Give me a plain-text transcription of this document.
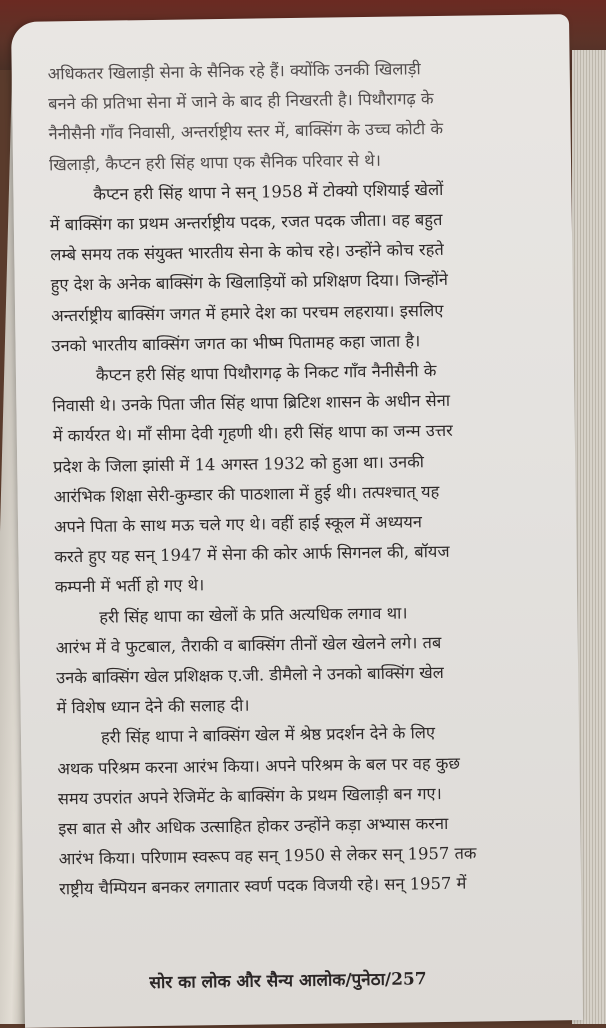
अधिकतर खिलाड़ी सेना के सैनिक रहे हैं। क्योंकि उनकी खिलाड़ी
बनने की प्रतिभा सेना में जाने के बाद ही निखरती है। पिथौरागढ़ के
नैनीसैनी गाँव निवासी, अन्तर्राष्ट्रीय स्तर में, बाक्सिंग के उच्च कोटी के
खिलाड़ी, कैप्टन हरी सिंह थापा एक सैनिक परिवार से थे।
कैप्टन हरी सिंह थापा ने सन् 1958 में टोक्यो एशियाई खेलों
में बाक्सिंग का प्रथम अन्तर्राष्ट्रीय पदक, रजत पदक जीता। वह बहुत
लम्बे समय तक संयुक्त भारतीय सेना के कोच रहे। उन्होंने कोच रहते
हुए देश के अनेक बाक्सिंग के खिलाड़ियों को प्रशिक्षण दिया। जिन्होंने
अन्तर्राष्ट्रीय बाक्सिंग जगत में हमारे देश का परचम लहराया। इसलिए
उनको भारतीय बाक्सिंग जगत का भीष्म पितामह कहा जाता है।
कैप्टन हरी सिंह थापा पिथौरागढ़ के निकट गाँव नैनीसैनी के
निवासी थे। उनके पिता जीत सिंह थापा ब्रिटिश शासन के अधीन सेना
में कार्यरत थे। माँ सीमा देवी गृहणी थी। हरी सिंह थापा का जन्म उत्तर
प्रदेश के जिला झांसी में 14 अगस्त 1932 को हुआ था। उनकी
आरंभिक शिक्षा सेरी-कुम्डार की पाठशाला में हुई थी। तत्पश्चात् यह
अपने पिता के साथ मऊ चले गए थे। वहीं हाई स्कूल में अध्ययन
करते हुए यह सन् 1947 में सेना की कोर आर्फ सिगनल की, बॉयज
कम्पनी में भर्ती हो गए थे।
हरी सिंह थापा का खेलों के प्रति अत्यधिक लगाव था।
आरंभ में वे फुटबाल, तैराकी व बाक्सिंग तीनों खेल खेलने लगे। तब
उनके बाक्सिंग खेल प्रशिक्षक ए.जी. डीमैलो ने उनको बाक्सिंग खेल
में विशेष ध्यान देने की सलाह दी।
हरी सिंह थापा ने बाक्सिंग खेल में श्रेष्ठ प्रदर्शन देने के लिए
अथक परिश्रम करना आरंभ किया। अपने परिश्रम के बल पर वह कुछ
समय उपरांत अपने रेजिमेंट के बाक्सिंग के प्रथम खिलाड़ी बन गए।
इस बात से और अधिक उत्साहित होकर उन्होंने कड़ा अभ्यास करना
आरंभ किया। परिणाम स्वरूप वह सन् 1950 से लेकर सन् 1957 तक
राष्ट्रीय चैम्पियन बनकर लगातार स्वर्ण पदक विजयी रहे। सन् 1957 में
सोर का लोक और सैन्य आलोक/पुनेठा/257
